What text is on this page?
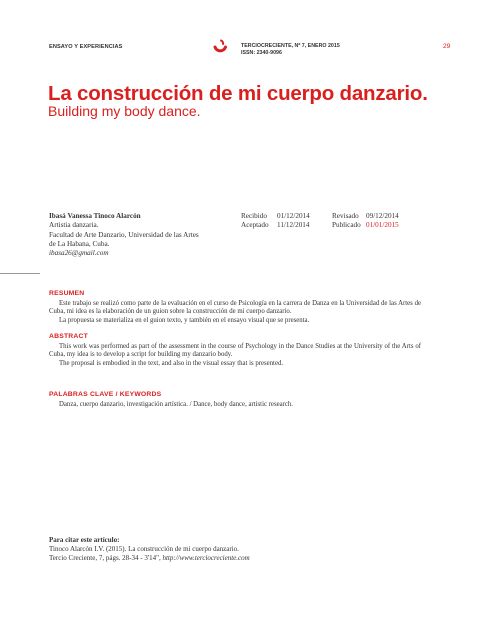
ENSAYO Y EXPERIENCIAS	TERCIOCRECIENTE, Nº 7, ENERO 2015
ISSN: 2340-9096
29
La construcción de mi cuerpo danzario.
Building my body dance.
Ibasá Vanessa Tinoco Alarcón
Artistia danzaria.
Facultad de Arte Danzario, Universidad de las Artes
de La Habana, Cuba.
ibasa26@gmail.com
Recibido	01/12/2014	Revisado	09/12/2014
Aceptado	11/12/2014	Publicado 01/01/2015
RESUMEN

Este trabajo se realizó como parte de la evaluación en el curso de Psicología en la carrera de Danza en la Universidad de las Artes de Cuba, mi idea es la elaboración de un guion sobre la construcción de mi cuerpo danzario.

La propuesta se materializa en el guion texto, y también en el ensayo visual que se presenta.

ABSTRACT

This work was performed as part of the assessment in the course of Psychology in the Dance Studies at the University of the Arts of Cuba, my idea is to develop a script for building my danzario body.

The proposal is embodied in the text, and also in the visual essay that is presented.

PALABRAS CLAVE / KEYWORDS

Danza, cuerpo danzario, investigación artística. / Dance, body dance, artistic research.

Para citar este artículo:
Tinoco Alarcón I.V. (2015). La construcción de mi cuerpo danzario.
Tercio Creciente, 7, págs. 28-34 - 3'14", http://www.terciocreciente.com
